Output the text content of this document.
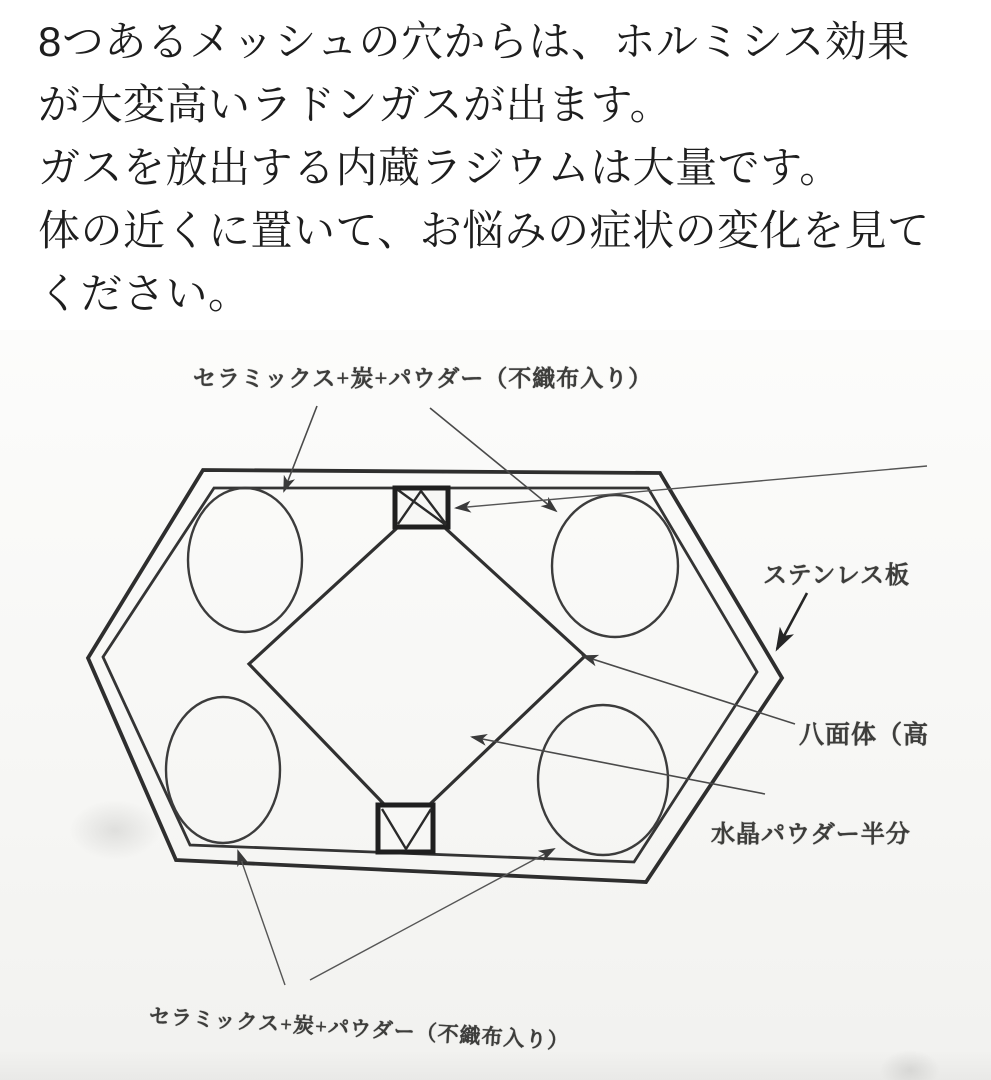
8つあるメッシュの穴からは、ホルミシス効果
が大変高いラドンガスが出ます。
ガスを放出する内蔵ラジウムは大量です。
体の近くに置いて、お悩みの症状の変化を見て
ください。
セラミックス+炭+パウダー（不織布入り）
ステンレス板
八面体（高
水晶パウダー半分
セラミックス+炭+パウダー（不織布入り）
